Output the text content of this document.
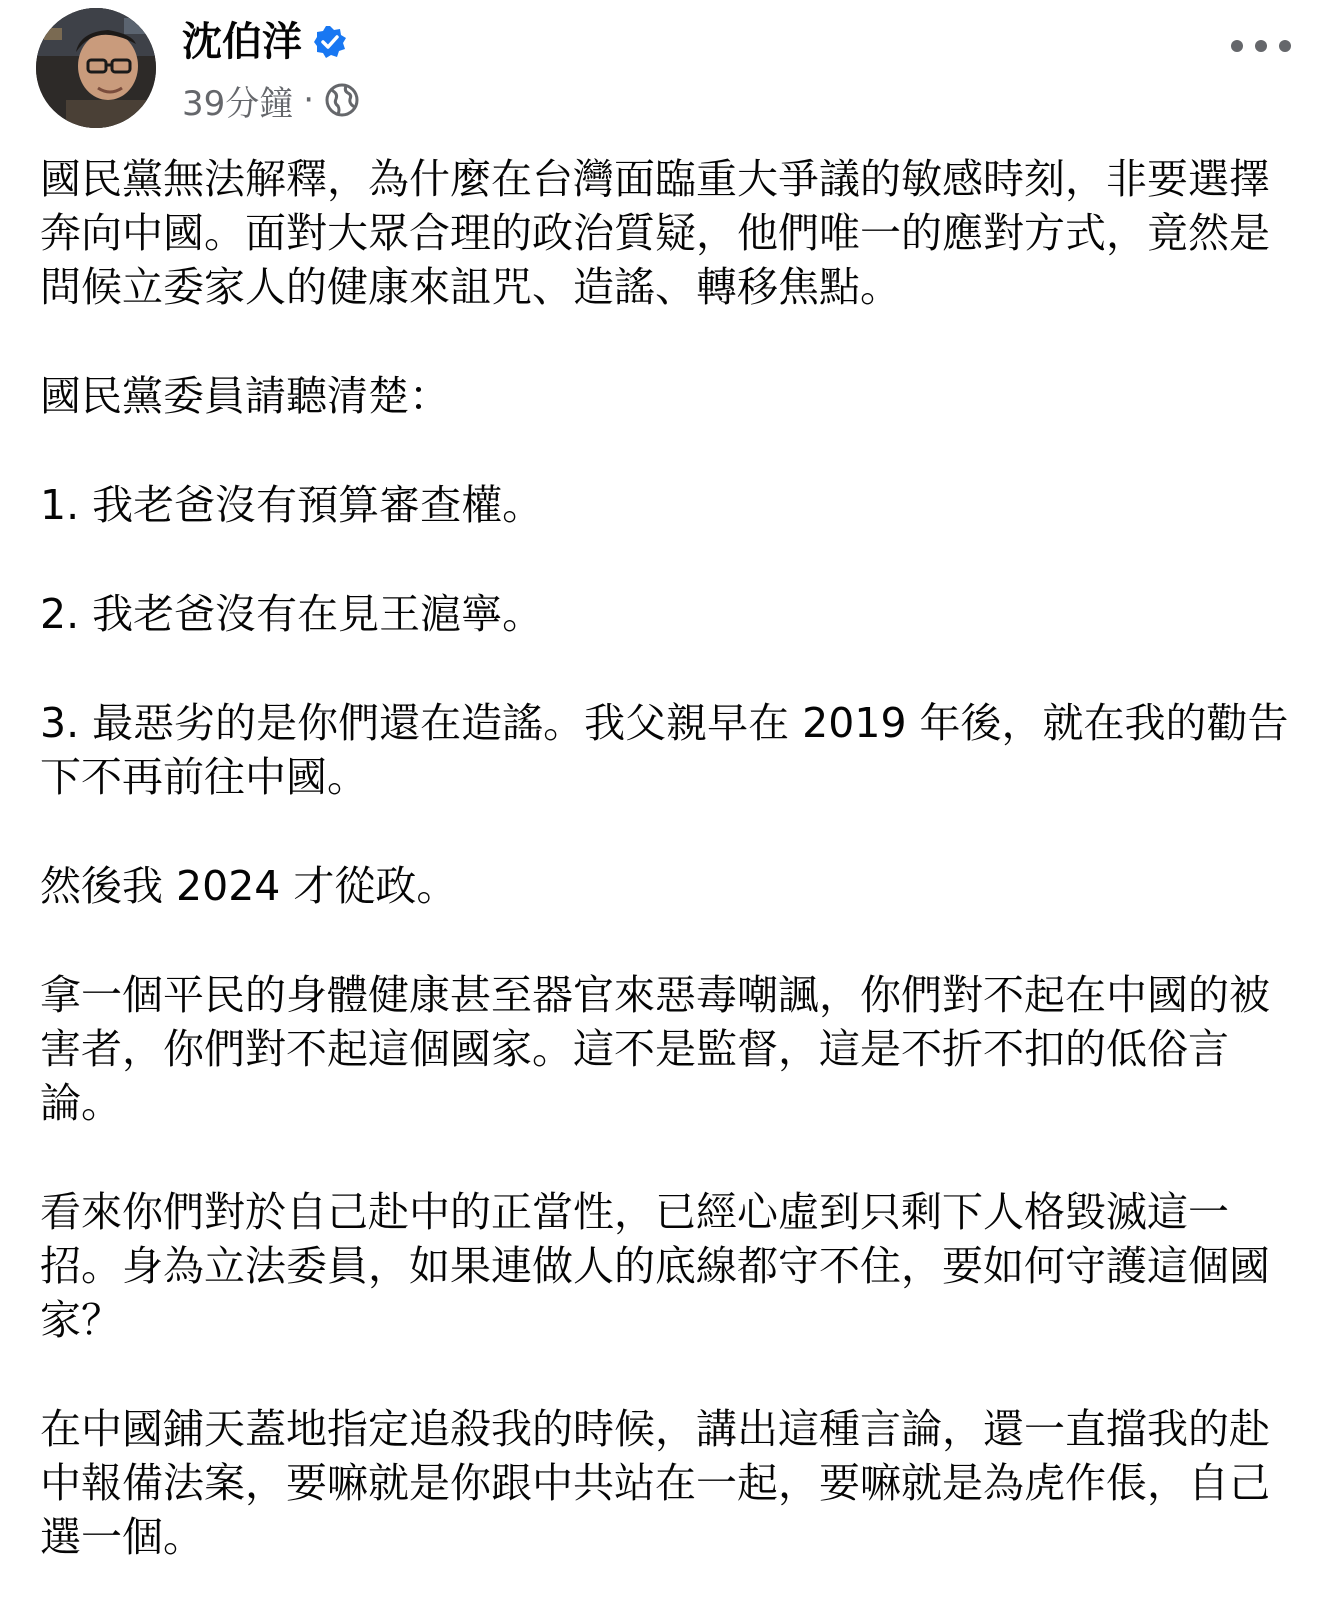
沈伯洋
39分鐘 ·

國民黨無法解釋，為什麼在台灣面臨重大爭議的敏感時刻，非要選擇奔向中國。面對大眾合理的政治質疑，他們唯一的應對方式，竟然是問候立委家人的健康來詛咒、造謠、轉移焦點。

國民黨委員請聽清楚：

1. 我老爸沒有預算審查權。

2. 我老爸沒有在見王滬寧。

3. 最惡劣的是你們還在造謠。我父親早在 2019 年後，就在我的勸告下不再前往中國。

然後我 2024 才從政。

拿一個平民的身體健康甚至器官來惡毒嘲諷，你們對不起在中國的被害者，你們對不起這個國家。這不是監督，這是不折不扣的低俗言論。

看來你們對於自己赴中的正當性，已經心虛到只剩下人格毀滅這一招。身為立法委員，如果連做人的底線都守不住，要如何守護這個國家？

在中國鋪天蓋地指定追殺我的時候，講出這種言論，還一直擋我的赴中報備法案，要嘛就是你跟中共站在一起，要嘛就是為虎作倀，自己選一個。
